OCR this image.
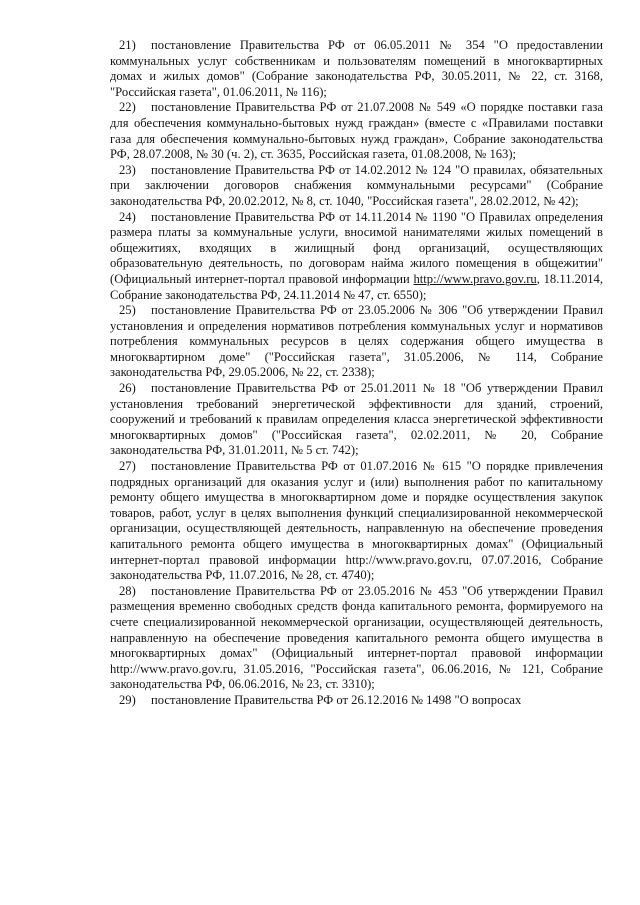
21) постановление Правительства РФ от 06.05.2011 № 354 "О предоставлении коммунальных услуг собственникам и пользователям помещений в многоквартирных домах и жилых домов" (Собрание законодательства РФ, 30.05.2011, № 22, ст. 3168, "Российская газета", 01.06.2011, № 116);

22) постановление Правительства РФ от 21.07.2008 № 549 «О порядке поставки газа для обеспечения коммунально-бытовых нужд граждан» (вместе с «Правилами поставки газа для обеспечения коммунально-бытовых нужд граждан», Собрание законодательства РФ, 28.07.2008, № 30 (ч. 2), ст. 3635, Российская газета, 01.08.2008, № 163);

23) постановление Правительства РФ от 14.02.2012 № 124 "О правилах, обязательных при заключении договоров снабжения коммунальными ресурсами" (Собрание законодательства РФ, 20.02.2012, № 8, ст. 1040, "Российская газета", 28.02.2012, № 42);

24) постановление Правительства РФ от 14.11.2014 № 1190 "О Правилах определения размера платы за коммунальные услуги, вносимой нанимателями жилых помещений в общежитиях, входящих в жилищный фонд организаций, осуществляющих образовательную деятельность, по договорам найма жилого помещения в общежитии" (Официальный интернет-портал правовой информации http://www.pravo.gov.ru, 18.11.2014, Собрание законодательства РФ, 24.11.2014 № 47, ст. 6550);

25) постановление Правительства РФ от 23.05.2006 № 306 "Об утверждении Правил установления и определения нормативов потребления коммунальных услуг и нормативов потребления коммунальных ресурсов в целях содержания общего имущества в многоквартирном доме" ("Российская газета", 31.05.2006, № 114, Собрание законодательства РФ, 29.05.2006, № 22, ст. 2338);

26) постановление Правительства РФ от 25.01.2011 № 18 "Об утверждении Правил установления требований энергетической эффективности для зданий, строений, сооружений и требований к правилам определения класса энергетической эффективности многоквартирных домов" ("Российская газета", 02.02.2011, № 20, Собрание законодательства РФ, 31.01.2011, № 5 ст. 742);

27) постановление Правительства РФ от 01.07.2016 № 615 "О порядке привлечения подрядных организаций для оказания услуг и (или) выполнения работ по капитальному ремонту общего имущества в многоквартирном доме и порядке осуществления закупок товаров, работ, услуг в целях выполнения функций специализированной некоммерческой организации, осуществляющей деятельность, направленную на обеспечение проведения капитального ремонта общего имущества в многоквартирных домах" (Официальный интернет-портал правовой информации http://www.pravo.gov.ru, 07.07.2016, Собрание законодательства РФ, 11.07.2016, № 28, ст. 4740);

28) постановление Правительства РФ от 23.05.2016 № 453 "Об утверждении Правил размещения временно свободных средств фонда капитального ремонта, формируемого на счете специализированной некоммерческой организации, осуществляющей деятельность, направленную на обеспечение проведения капитального ремонта общего имущества в многоквартирных домах" (Официальный интернет-портал правовой информации http://www.pravo.gov.ru, 31.05.2016, "Российская газета", 06.06.2016, № 121, Собрание законодательства РФ, 06.06.2016, № 23, ст. 3310);

29) постановление Правительства РФ от 26.12.2016 № 1498 "О вопросах
